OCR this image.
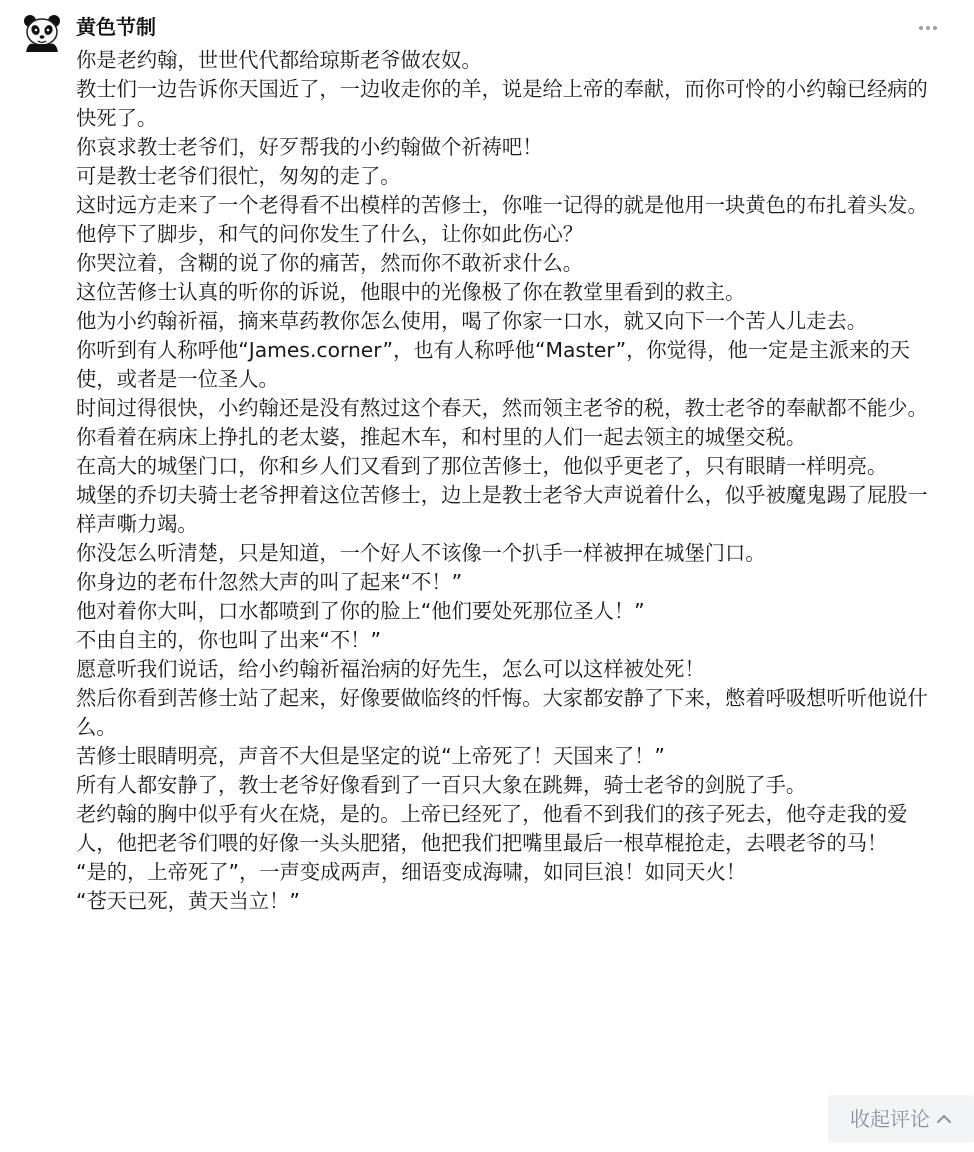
黄色节制

你是老约翰，世世代代都给琼斯老爷做农奴。

教士们一边告诉你天国近了，一边收走你的羊，说是给上帝的奉献，而你可怜的小约翰已经病的快死了。

你哀求教士老爷们，好歹帮我的小约翰做个祈祷吧！

可是教士老爷们很忙，匆匆的走了。

这时远方走来了一个老得看不出模样的苦修士，你唯一记得的就是他用一块黄色的布扎着头发。

他停下了脚步，和气的问你发生了什么，让你如此伤心？

你哭泣着，含糊的说了你的痛苦，然而你不敢祈求什么。

这位苦修士认真的听你的诉说，他眼中的光像极了你在教堂里看到的救主。

他为小约翰祈福，摘来草药教你怎么使用，喝了你家一口水，就又向下一个苦人儿走去。

你听到有人称呼他“James.corner”，也有人称呼他“Master”，你觉得，他一定是主派来的天使，或者是一位圣人。

时间过得很快，小约翰还是没有熬过这个春天，然而领主老爷的税，教士老爷的奉献都不能少。

你看着在病床上挣扎的老太婆，推起木车，和村里的人们一起去领主的城堡交税。

在高大的城堡门口，你和乡人们又看到了那位苦修士，他似乎更老了，只有眼睛一样明亮。

城堡的乔切夫骑士老爷押着这位苦修士，边上是教士老爷大声说着什么，似乎被魔鬼踢了屁股一样声嘶力竭。

你没怎么听清楚，只是知道，一个好人不该像一个扒手一样被押在城堡门口。

你身边的老布什忽然大声的叫了起来“不！”

他对着你大叫，口水都喷到了你的脸上“他们要处死那位圣人！”

不由自主的，你也叫了出来“不！”

愿意听我们说话，给小约翰祈福治病的好先生，怎么可以这样被处死！

然后你看到苦修士站了起来，好像要做临终的忏悔。大家都安静了下来，憋着呼吸想听听他说什么。

苦修士眼睛明亮，声音不大但是坚定的说“上帝死了！天国来了！”

所有人都安静了，教士老爷好像看到了一百只大象在跳舞，骑士老爷的剑脱了手。

老约翰的胸中似乎有火在烧，是的。上帝已经死了，他看不到我们的孩子死去，他夺走我的爱人，他把老爷们喂的好像一头头肥猪，他把我们把嘴里最后一根草棍抢走，去喂老爷的马！

“是的，上帝死了”，一声变成两声，细语变成海啸，如同巨浪！如同天火！

“苍天已死，黄天当立！”

收起评论
